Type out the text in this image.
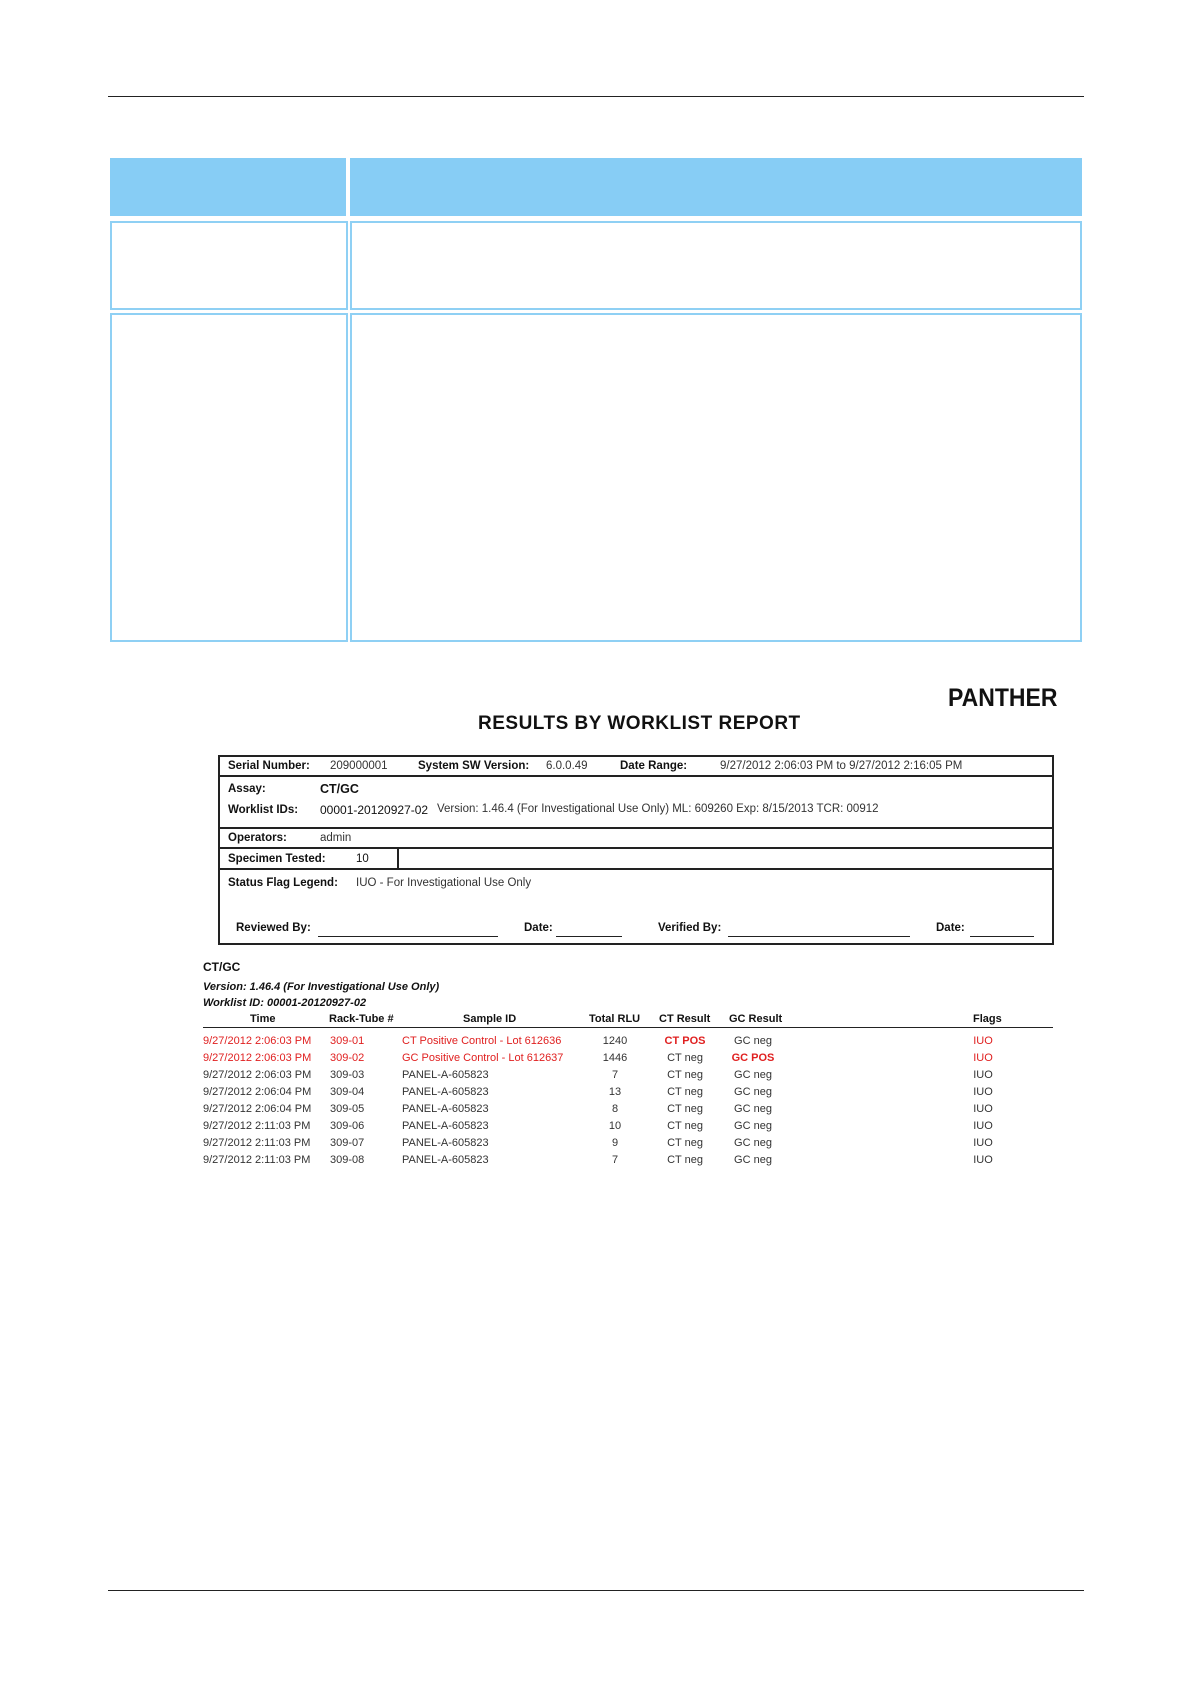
PANTHER
RESULTS BY WORKLIST REPORT
Serial Number: 209000001	System SW Version: 6.0.0.49	Date Range:	9/27/2012 2:06:03 PM to 9/27/2012 2:16:05 PM
Assay:	CT/GC
Worklist IDs: 00001-20120927-02 Version: 1.46.4 (For Investigational Use Only) ML: 609260 Exp: 8/15/2013 TCR: 00912
Operators:	admin
Specimen Tested:	10
Status Flag Legend: IUO - For Investigational Use Only
Reviewed By:	Date:	Verified By:	Date:
CT/GC
Version: 1.46.4 (For Investigational Use Only)
Worklist ID: 00001-20120927-02
Time	Rack-Tube #	Sample ID	Total RLU CT Result GC Result	Flags
9/27/2012 2:06:03 PM 309-01	CT Positive Control - Lot 612636	1240	CT POS	GC neg	IUO
9/27/2012 2:06:03 PM 309-02	GC Positive Control - Lot 612637	1446	CT neg	GC POS	IUO
9/27/2012 2:06:03 PM 309-03	PANEL-A-605823	7	CT neg	GC neg	IUO
9/27/2012 2:06:04 PM 309-04	PANEL-A-605823	13	CT neg	GC neg	IUO
9/27/2012 2:06:04 PM 309-05	PANEL-A-605823	8	CT neg	GC neg	IUO
9/27/2012 2:11:03 PM 309-06	PANEL-A-605823	10	CT neg	GC neg	IUO
9/27/2012 2:11:03 PM 309-07	PANEL-A-605823	9	CT neg	GC neg	IUO
9/27/2012 2:11:03 PM 309-08	PANEL-A-605823	7	CT neg	GC neg	IUO
